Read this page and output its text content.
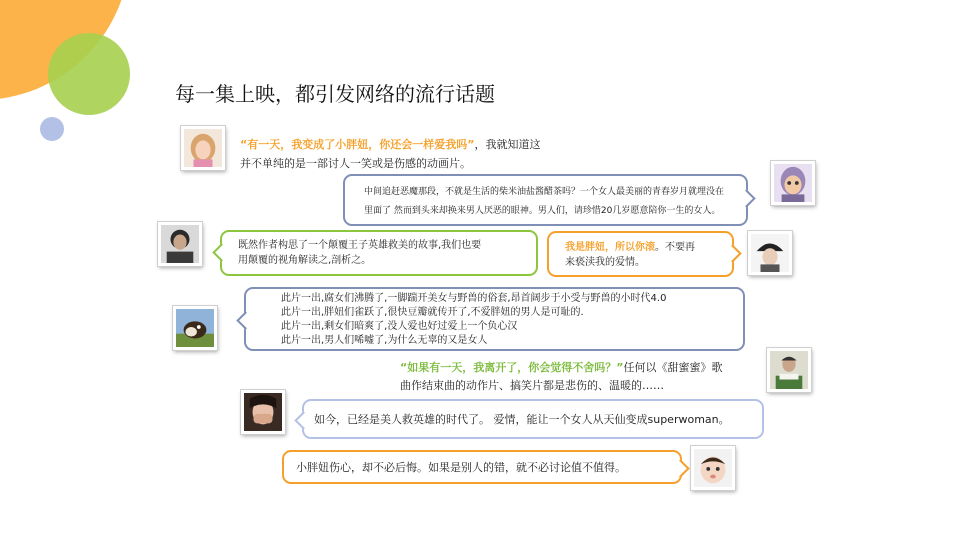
每一集上映，都引发网络的流行话题
“有一天，我变成了小胖妞，你还会一样爱我吗”，我就知道这
并不单纯的是一部讨人一笑或是伤感的动画片。
中间追赶恶魔那段，不就是生活的柴米油盐酱醋茶吗？一个女人最美丽的青春岁月就埋没在
里面了 然而到头来却换来男人厌恶的眼神。男人们，请珍惜20几岁愿意陪你一生的女人。
既然作者构思了一个颠覆王子英雄救美的故事,我们也要
用颠覆的视角解读之,剖析之。
我是胖妞，所以你滚。不要再
来亵渎我的爱情。
此片一出,腐女们沸腾了,一脚踹开美女与野兽的俗套,昂首阔步于小受与野兽的小时代4.0
此片一出,胖妞们雀跃了,很快豆瓣就传开了,不爱胖妞的男人是可耻的.
此片一出,剩女们暗爽了,没人爱也好过爱上一个负心汉
此片一出,男人们唏嘘了,为什么无辜的又是女人
“如果有一天，我离开了，你会觉得不舍吗？”任何以《甜蜜蜜》歌
曲作结束曲的动作片、搞笑片都是悲伤的、温暖的……
如今，已经是美人救英雄的时代了。 爱情，能让一个女人从天仙变成superwoman。
小胖妞伤心，却不必后悔。如果是别人的错，就不必讨论值不值得。
